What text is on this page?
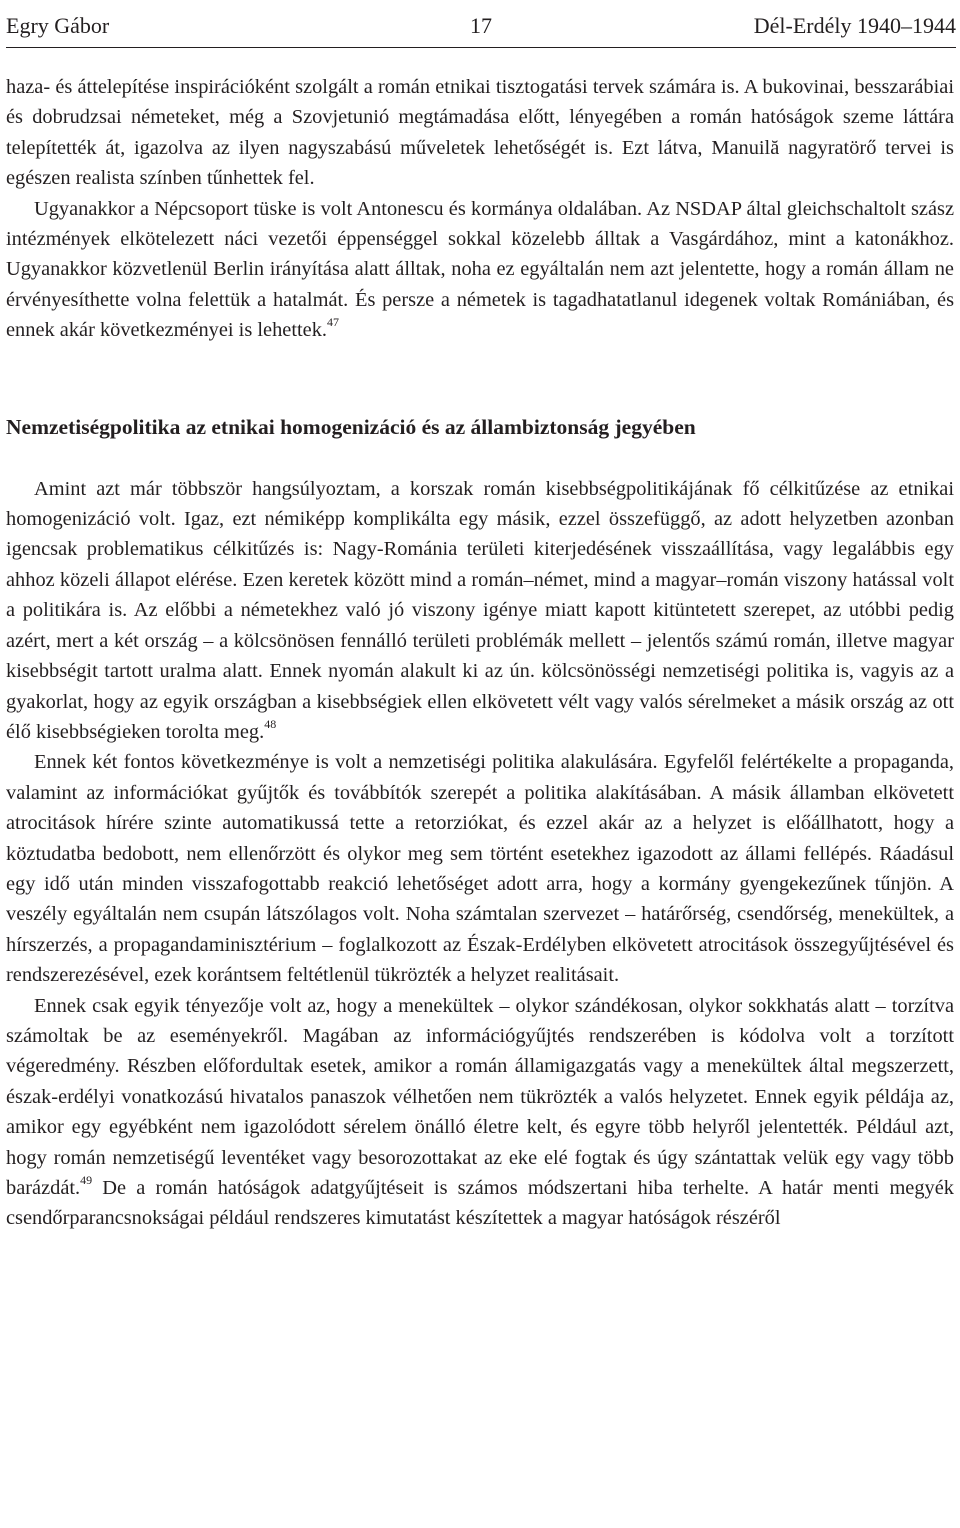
Egry Gábor	17	Dél-Erdély 1940–1944

haza- és áttelepítése inspirációként szolgált a román etnikai tisztogatási tervek számára is. A bukovinai, besszarábiai és dobrudzsai németeket, még a Szovjetunió megtámadása előtt, lényegében a román hatóságok szeme láttára telepítették át, igazolva az ilyen nagyszabású műveletek lehetőségét is. Ezt látva, Manuilă nagyratörő tervei is egészen realista színben tűnhettek fel.

Ugyanakkor a Népcsoport tüske is volt Antonescu és kormánya oldalában. Az NSDAP által gleichschaltolt szász intézmények elkötelezett náci vezetői éppenséggel sokkal közelebb álltak a Vasgárdához, mint a katonákhoz. Ugyanakkor közvetlenül Berlin irányítása alatt álltak, noha ez egyáltalán nem azt jelentette, hogy a román állam ne érvényesíthette volna felettük a hatalmát. És persze a németek is tagadhatatlanul idegenek voltak Romániában, és ennek akár következményei is lehettek.$^{47}$

Nemzetiségpolitika az etnikai homogenizáció és az állambiztonság jegyében

Amint azt már többször hangsúlyoztam, a korszak román kisebbségpolitikájának fő célkitűzése az etnikai homogenizáció volt. Igaz, ezt némiképp komplikálta egy másik, ezzel összefüggő, az adott helyzetben azonban igencsak problematikus célkitűzés is: Nagy-Románia területi kiterjedésének visszaállítása, vagy legalábbis egy ahhoz közeli állapot elérése. Ezen keretek között mind a román–német, mind a magyar–román viszony hatással volt a politikára is. Az előbbi a németekhez való jó viszony igénye miatt kapott kitüntetett szerepet, az utóbbi pedig azért, mert a két ország – a kölcsönösen fennálló területi problémák mellett – jelentős számú román, illetve magyar kisebbségit tartott uralma alatt. Ennek nyomán alakult ki az ún. kölcsönösségi nemzetiségi politika is, vagyis az a gyakorlat, hogy az egyik országban a kisebbségiek ellen elkövetett vélt vagy valós sérelmeket a másik ország az ott élő kisebbségieken torolta meg.$^{48}$

Ennek két fontos következménye is volt a nemzetiségi politika alakulására. Egyfelől felértékelte a propaganda, valamint az információkat gyűjtők és továbbítók szerepét a politika alakításában. A másik államban elkövetett atrocitások hírére szinte automatikussá tette a retorziókat, és ezzel akár az a helyzet is előállhatott, hogy a köztudatba bedobott, nem ellenőrzött és olykor meg sem történt esetekhez igazodott az állami fellépés. Ráadásul egy idő után minden visszafogottabb reakció lehetőséget adott arra, hogy a kormány gyengekezűnek tűnjön. A veszély egyáltalán nem csupán látszólagos volt. Noha számtalan szervezet – határőrség, csendőrség, menekültek, a hírszerzés, a propagandaminisztérium – foglalkozott az Észak-Erdélyben elkövetett atrocitások összegyűjtésével és rendszerezésével, ezek korántsem feltétlenül tükrözték a helyzet realitásait.

Ennek csak egyik tényezője volt az, hogy a menekültek – olykor szándékosan, olykor sokkhatás alatt – torzítva számoltak be az eseményekről. Magában az információgyűjtés rendszerében is kódolva volt a torzított végeredmény. Részben előfordultak esetek, amikor a román államigazgatás vagy a menekültek által megszerzett, észak-erdélyi vonatkozású hivatalos panaszok vélhetően nem tükrözték a valós helyzetet. Ennek egyik példája az, amikor egy egyébként nem igazolódott sérelem önálló életre kelt, és egyre több helyről jelentették. Például azt, hogy román nemzetiségű leventéket vagy besorozottakat az eke elé fogtak és úgy szántattak velük egy vagy több barázdát.$^{49}$ De a román hatóságok adatgyűjtéseit is számos módszertani hiba terhelte. A határ menti megyék csendőrparancsnokságai például rendszeres kimutatást készítettek a magyar hatóságok részéről
